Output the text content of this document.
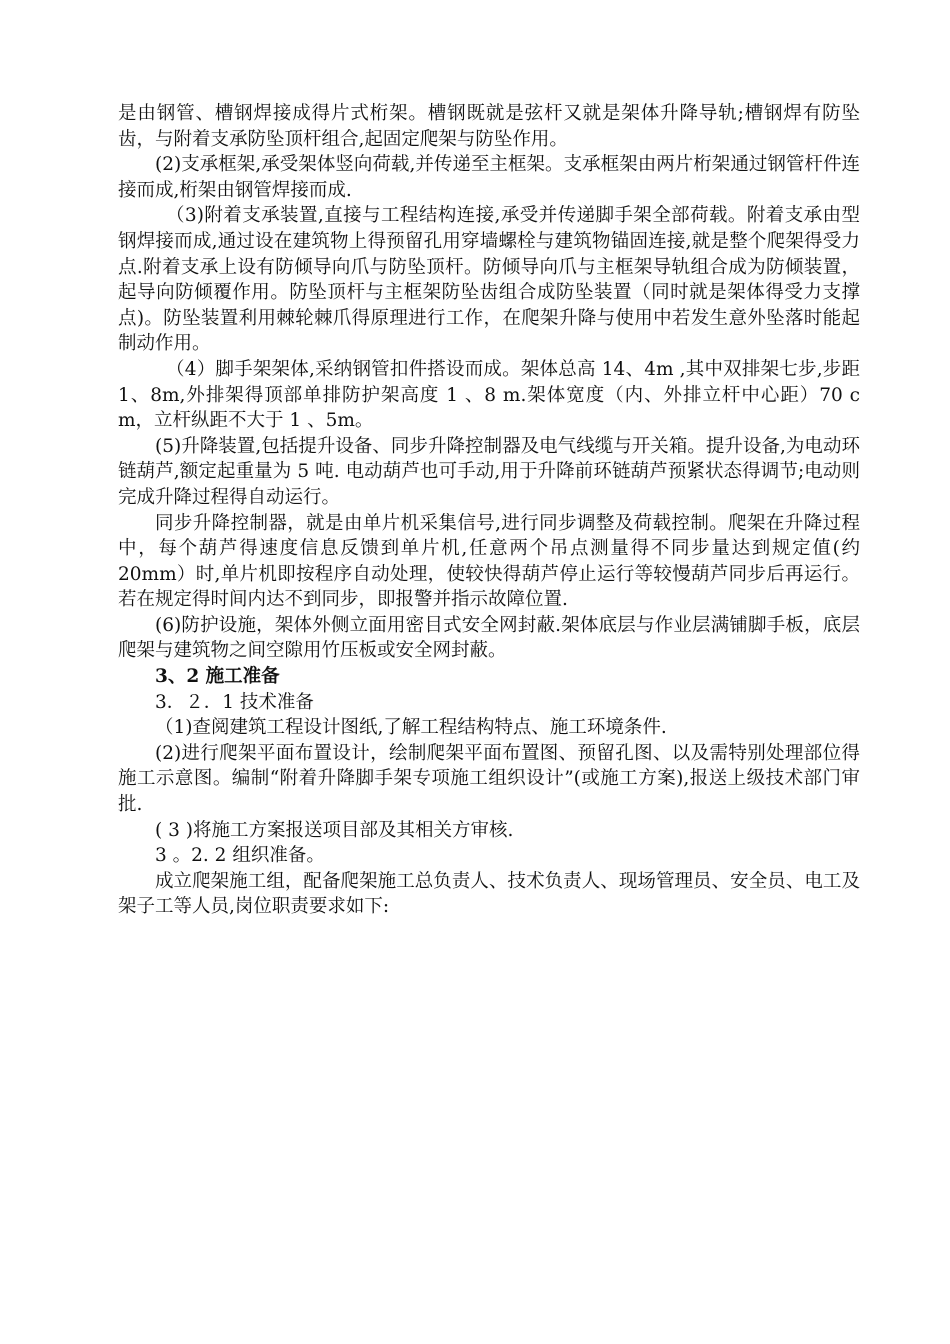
是由钢管、槽钢焊接成得片式桁架。槽钢既就是弦杆又就是架体升降导轨;槽钢焊有防坠齿，与附着支承防坠顶杆组合,起固定爬架与防坠作用。

(2)支承框架,承受架体竖向荷载,并传递至主框架。支承框架由两片桁架通过钢管杆件连接而成,桁架由钢管焊接而成.

（3)附着支承装置,直接与工程结构连接,承受并传递脚手架全部荷载。附着支承由型钢焊接而成,通过设在建筑物上得预留孔用穿墙螺栓与建筑物锚固连接,就是整个爬架得受力点.附着支承上设有防倾导向爪与防坠顶杆。防倾导向爪与主框架导轨组合成为防倾装置，起导向防倾覆作用。防坠顶杆与主框架防坠齿组合成防坠装置（同时就是架体得受力支撑点)。防坠装置利用棘轮棘爪得原理进行工作，在爬架升降与使用中若发生意外坠落时能起制动作用。

（4）脚手架架体,采纳钢管扣件搭设而成。架体总高 14、4m ,其中双排架七步,步距 1、8m,外排架得顶部单排防护架高度 1 、8 m.架体宽度（内、外排立杆中心距）70 c m，立杆纵距不大于 1 、5m。

(5)升降装置,包括提升设备、同步升降控制器及电气线缆与开关箱。提升设备,为电动环链葫芦,额定起重量为 5 吨. 电动葫芦也可手动,用于升降前环链葫芦预紧状态得调节;电动则完成升降过程得自动运行。

同步升降控制器，就是由单片机采集信号,进行同步调整及荷载控制。爬架在升降过程中，每个葫芦得速度信息反馈到单片机,任意两个吊点测量得不同步量达到规定值(约 20mm）时,单片机即按程序自动处理，使较快得葫芦停止运行等较慢葫芦同步后再运行。若在规定得时间内达不到同步，即报警并指示故障位置.

(6)防护设施，架体外侧立面用密目式安全网封蔽.架体底层与作业层满铺脚手板，底层爬架与建筑物之间空隙用竹压板或安全网封蔽。

3、2 施工准备

3．２．1 技术准备

（1)查阅建筑工程设计图纸,了解工程结构特点、施工环境条件.

(2)进行爬架平面布置设计，绘制爬架平面布置图、预留孔图、以及需特别处理部位得施工示意图。编制“附着升降脚手架专项施工组织设计”(或施工方案),报送上级技术部门审批.

( 3 )将施工方案报送项目部及其相关方审核.

3 。2. 2 组织准备。

成立爬架施工组，配备爬架施工总负责人、技术负责人、现场管理员、安全员、电工及架子工等人员,岗位职责要求如下:
